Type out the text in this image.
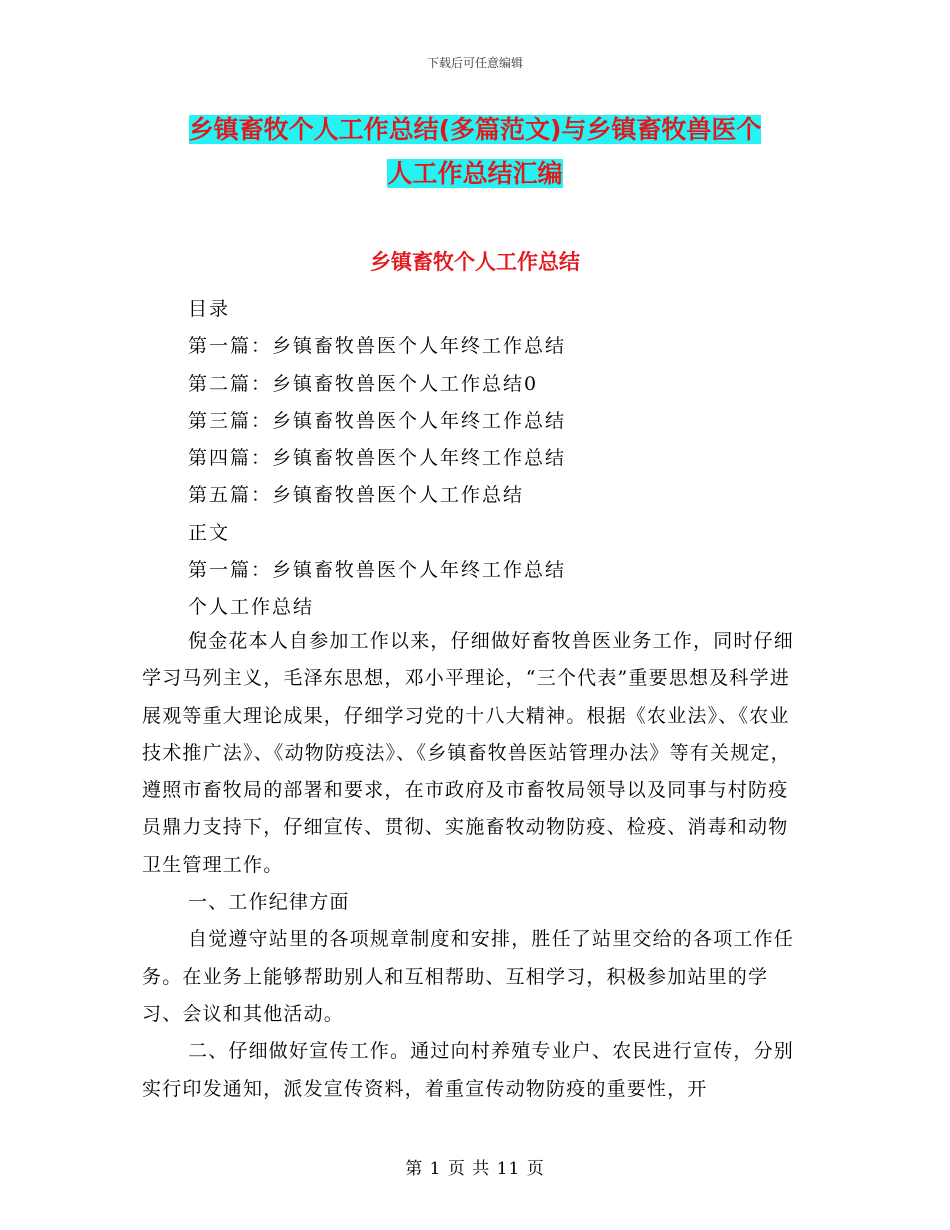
下载后可任意编辑
乡镇畜牧个人工作总结(多篇范文)与乡镇畜牧兽医个
人工作总结汇编
乡镇畜牧个人工作总结
目录
第一篇：乡镇畜牧兽医个人年终工作总结
第二篇：乡镇畜牧兽医个人工作总结0
第三篇：乡镇畜牧兽医个人年终工作总结
第四篇：乡镇畜牧兽医个人年终工作总结
第五篇：乡镇畜牧兽医个人工作总结
正文
第一篇：乡镇畜牧兽医个人年终工作总结
个人工作总结

倪金花本人自参加工作以来，仔细做好畜牧兽医业务工作，同时仔细学习马列主义，毛泽东思想，邓小平理论，“三个代表”重要思想及科学进展观等重大理论成果，仔细学习党的十八大精神。根据《农业法》、《农业技术推广法》、《动物防疫法》、《乡镇畜牧兽医站管理办法》等有关规定，遵照市畜牧局的部署和要求，在市政府及市畜牧局领导以及同事与村防疫员鼎力支持下，仔细宣传、贯彻、实施畜牧动物防疫、检疫、消毒和动物卫生管理工作。

一、工作纪律方面

自觉遵守站里的各项规章制度和安排，胜任了站里交给的各项工作任务。在业务上能够帮助别人和互相帮助、互相学习，积极参加站里的学习、会议和其他活动。

二、仔细做好宣传工作。通过向村养殖专业户、农民进行宣传，分别实行印发通知，派发宣传资料，着重宣传动物防疫的重要性，开

第 1 页 共 11 页
